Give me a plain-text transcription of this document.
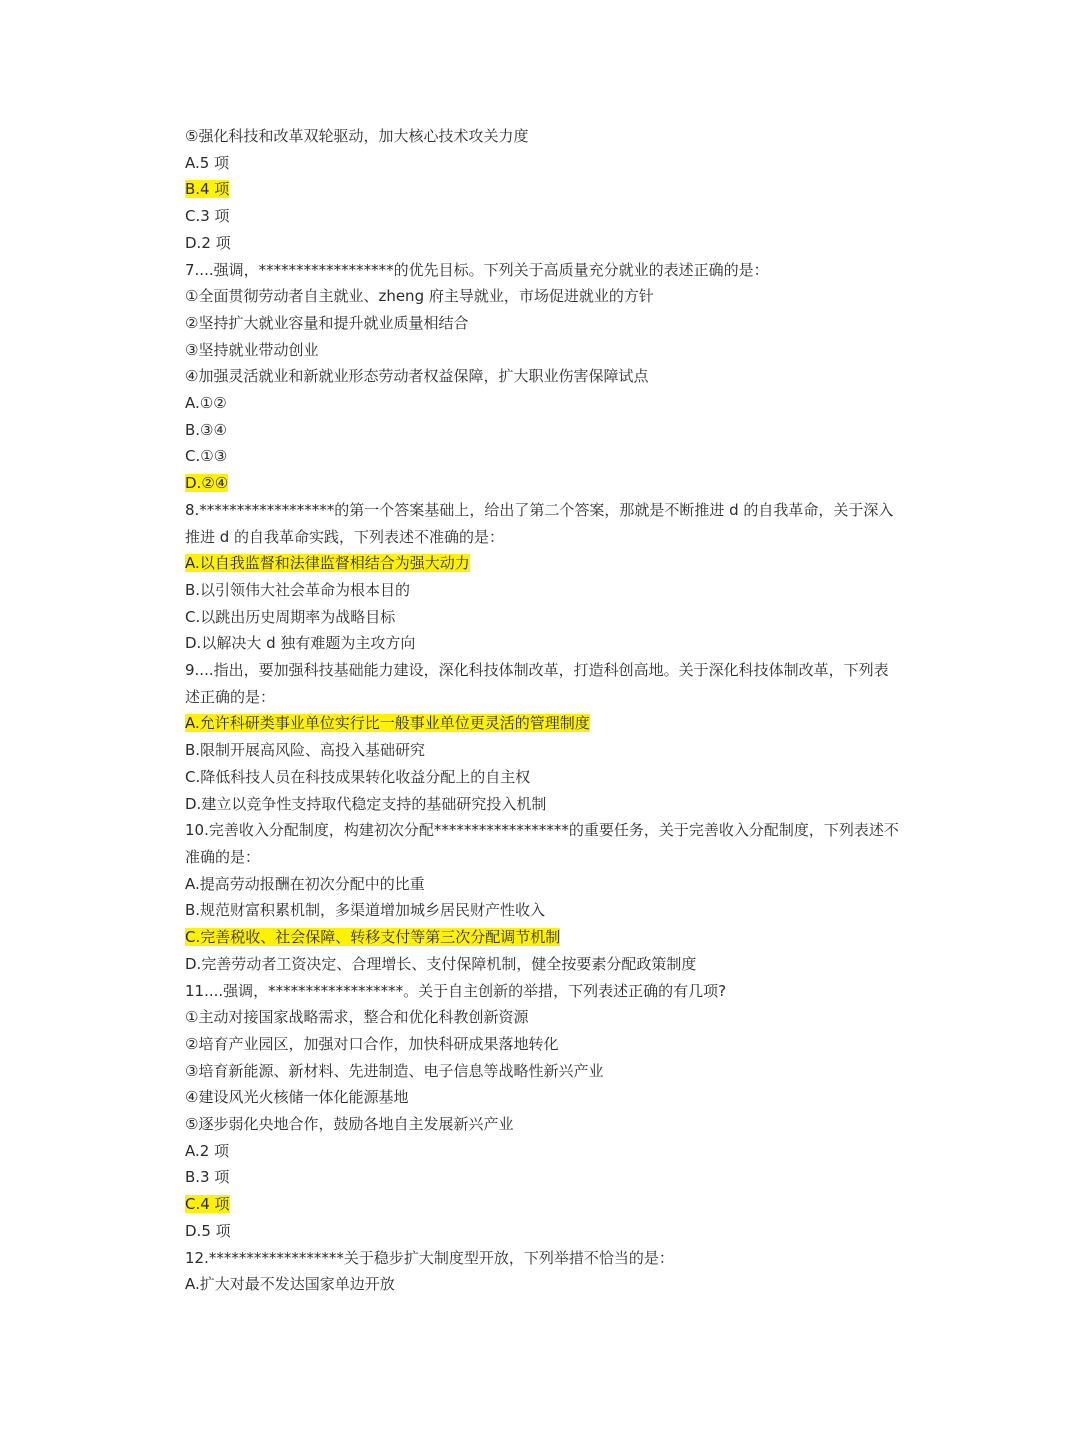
⑤强化科技和改革双轮驱动，加大核心技术攻关力度
A.5 项
B.4 项
C.3 项
D.2 项
7....强调，******************的优先目标。下列关于高质量充分就业的表述正确的是：
①全面贯彻劳动者自主就业、zheng 府主导就业，市场促进就业的方针
②坚持扩大就业容量和提升就业质量相结合
③坚持就业带动创业
④加强灵活就业和新就业形态劳动者权益保障，扩大职业伤害保障试点
A.①②
B.③④
C.①③
D.②④
8.******************的第一个答案基础上，给出了第二个答案，那就是不断推进 d 的自我革命，关于深入推进 d 的自我革命实践，下列表述不准确的是：
A.以自我监督和法律监督相结合为强大动力
B.以引领伟大社会革命为根本目的
C.以跳出历史周期率为战略目标
D.以解决大 d 独有难题为主攻方向
9....指出，要加强科技基础能力建设，深化科技体制改革，打造科创高地。关于深化科技体制改革，下列表述正确的是：
A.允许科研类事业单位实行比一般事业单位更灵活的管理制度
B.限制开展高风险、高投入基础研究
C.降低科技人员在科技成果转化收益分配上的自主权
D.建立以竞争性支持取代稳定支持的基础研究投入机制
10.完善收入分配制度，构建初次分配******************的重要任务，关于完善收入分配制度，下列表述不准确的是：
A.提高劳动报酬在初次分配中的比重
B.规范财富积累机制，多渠道增加城乡居民财产性收入
C.完善税收、社会保障、转移支付等第三次分配调节机制
D.完善劳动者工资决定、合理增长、支付保障机制，健全按要素分配政策制度
11....强调，******************。关于自主创新的举措，下列表述正确的有几项?
①主动对接国家战略需求，整合和优化科教创新资源
②培育产业园区，加强对口合作，加快科研成果落地转化
③培育新能源、新材料、先进制造、电子信息等战略性新兴产业
④建设风光火核储一体化能源基地
⑤逐步弱化央地合作，鼓励各地自主发展新兴产业
A.2 项
B.3 项
C.4 项
D.5 项
12.******************关于稳步扩大制度型开放，下列举措不恰当的是：
A.扩大对最不发达国家单边开放
